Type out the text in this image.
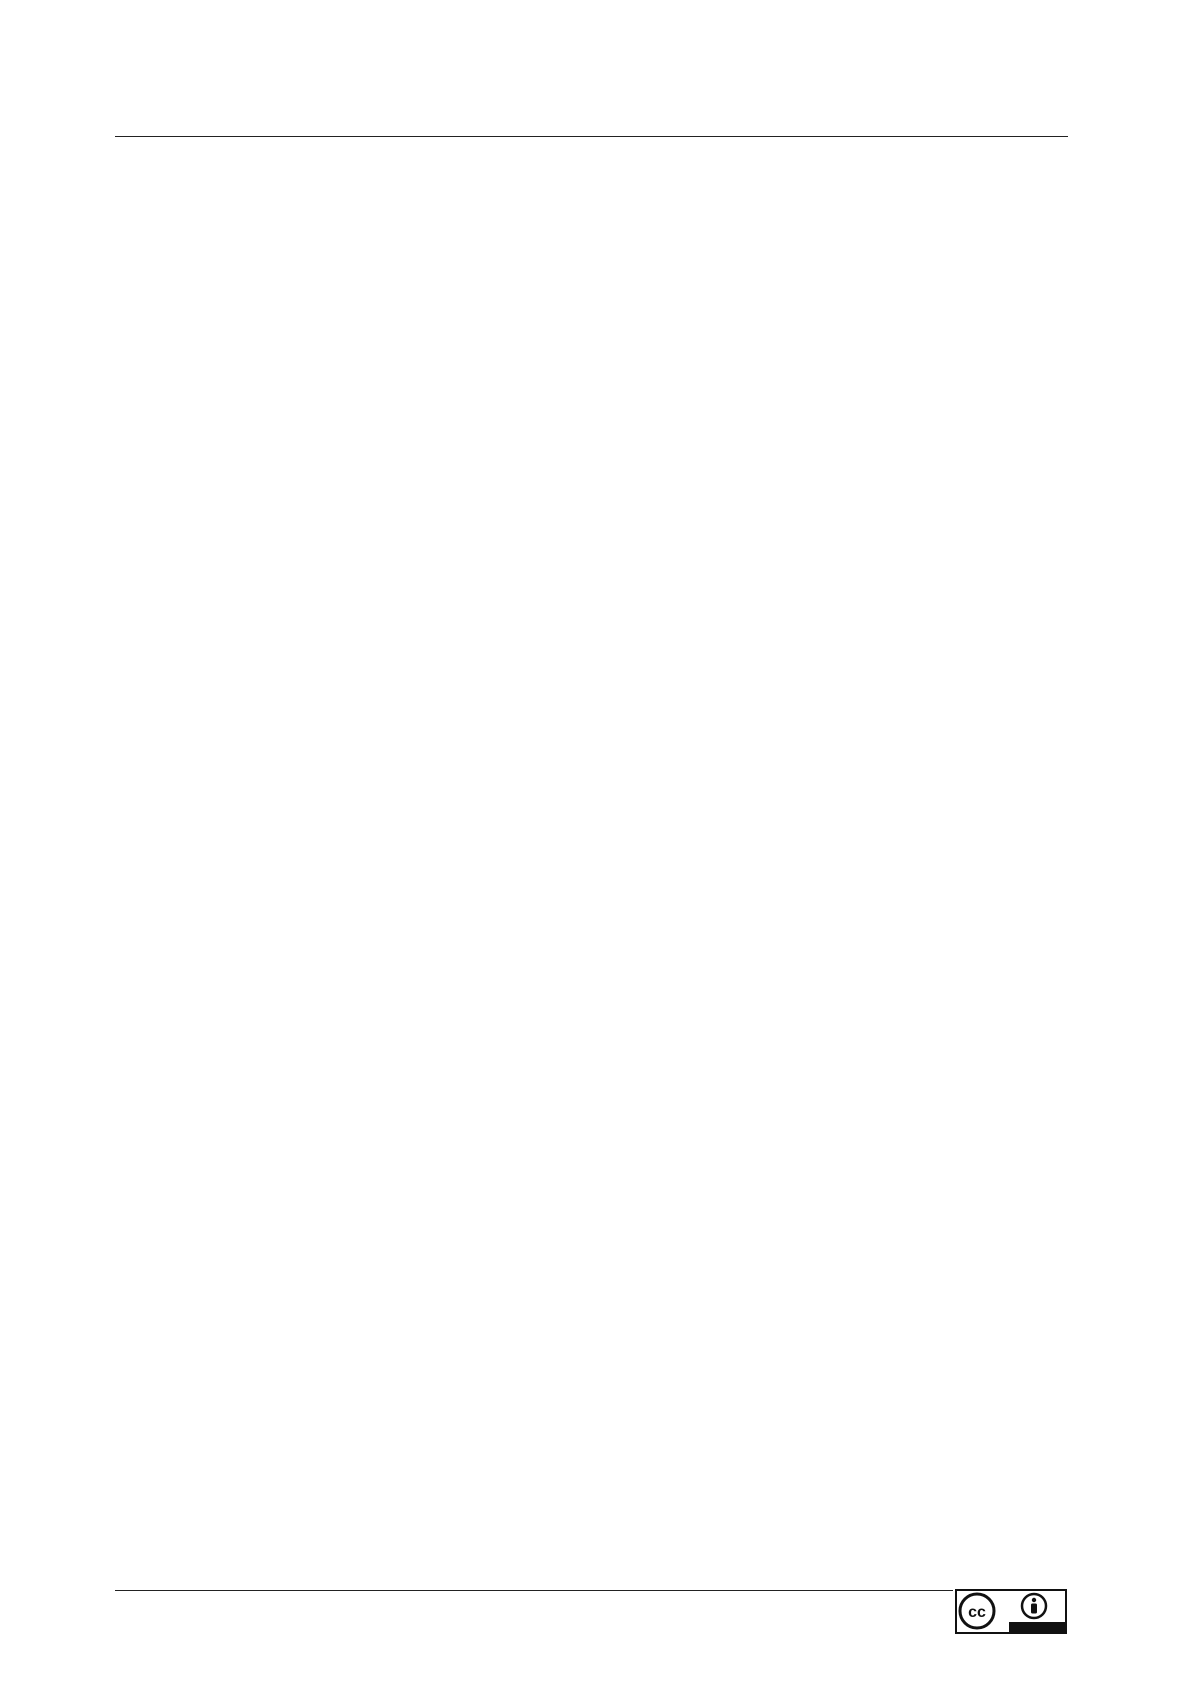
cc
